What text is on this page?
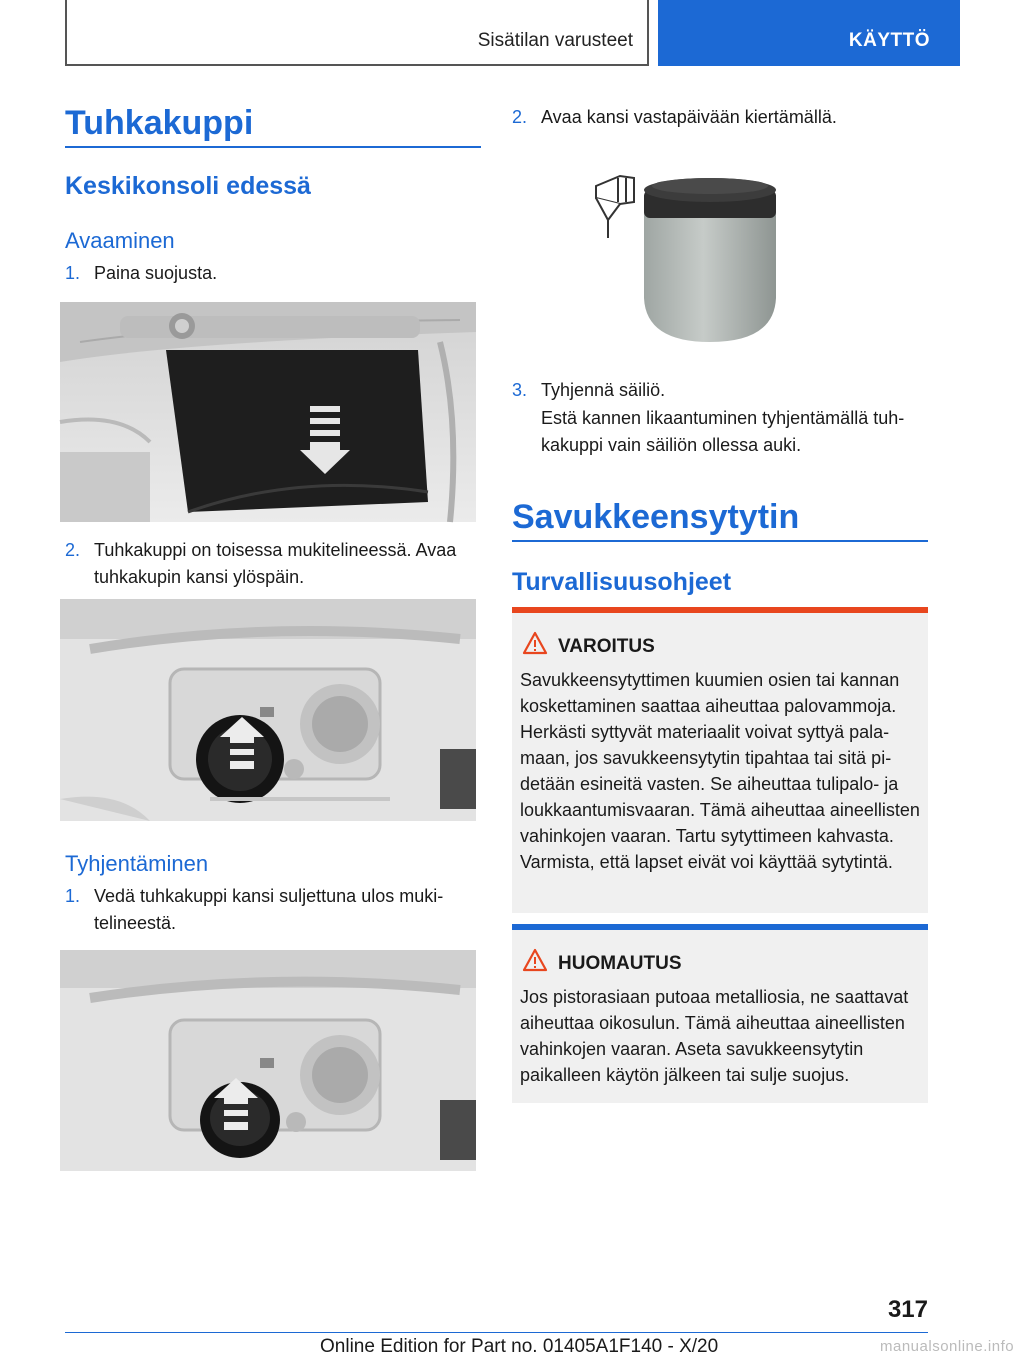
Sisätilan varusteet	KÄYTTÖ
Tuhkakuppi
Keskikonsoli edessä
Avaaminen
1. Paina suojusta.
2. Tuhkakuppi on toisessa mukitelineessä. Avaa tuhkakupin kansi ylöspäin.
Tyhjentäminen
1. Vedä tuhkakuppi kansi suljettuna ulos mukitelineestä.
2. Avaa kansi vastapäivään kiertämällä.
3. Tyhjennä säiliö.
Estä kannen likaantuminen tyhjentämällä tuhkakuppi vain säiliön ollessa auki.
Savukkeensytytin
Turvallisuusohjeet
VAROITUS
Savukkeensytyttimen kuumien osien tai kannan koskettaminen saattaa aiheuttaa palovammoja. Herkästi syttyvät materiaalit voivat syttyä palamaan, jos savukkeensytytin tipahtaa tai sitä pidetään esineitä vasten. Se aiheuttaa tulipalo- ja loukkaantumisvaaran. Tämä aiheuttaa aineellisten vahinkojen vaaran. Tartu sytyttimeen kahvasta. Varmista, että lapset eivät voi käyttää sytytintä.
HUOMAUTUS
Jos pistorasiaan putoaa metalliosia, ne saattavat aiheuttaa oikosulun. Tämä aiheuttaa aineellisten vahinkojen vaaran. Aseta savukkeensytytin paikalleen käytön jälkeen tai sulje suojus.
317
Online Edition for Part no. 01405A1F140 - X/20	manualsonline.info
